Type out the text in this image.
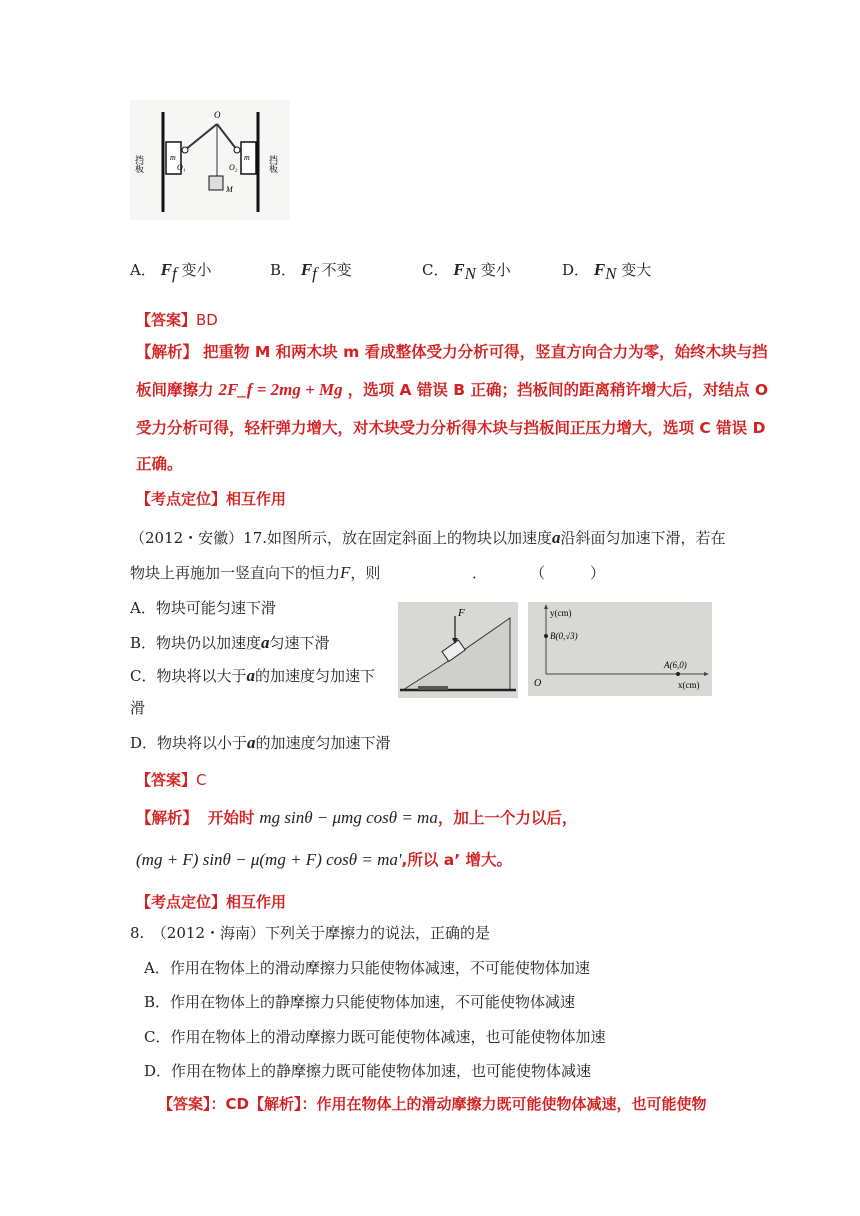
O
m	m
O₁	O₂
M
挡板	挡板
A． $F_f$ 变小	B． $F_f$ 不变	C． $F_N$ 变小	D． $F_N$ 变大
【答案】BD
【解析】 把重物 M 和两木块 m 看成整体受力分析可得，竖直方向合力为零，始终木块与挡
板间摩擦力 2F_f = 2mg + Mg ，选项 A 错误 B 正确；挡板间的距离稍许增大后，对结点 O
受力分析可得，轻杆弹力增大，对木块受力分析得木块与挡板间正压力增大，选项 C 错误 D
正确。
【考点定位】相互作用
（2012・安徽）17.如图所示，放在固定斜面上的物块以加速度a沿斜面匀加速下滑，若在
物块上再施加一竖直向下的恒力F，则	．	（　　　）
A．物块可能匀速下滑
B．物块仍以加速度a匀速下滑
C．物块将以大于a的加速度匀加速下
滑
D．物块将以小于a的加速度匀加速下滑
F	y(cm)
x(cm)
O
B(0,√3)
A(6,0)
【答案】C
【解析】 开始时 mg sinθ − μmg cosθ = ma，加上一个力以后，
(mg + F) sinθ − μ(mg + F) cosθ = ma',所以 a’ 增大。
【考点定位】相互作用
8.　（2012・海南）下列关于摩擦力的说法，正确的是
A．作用在物体上的滑动摩擦力只能使物体减速，不可能使物体加速
B．作用在物体上的静摩擦力只能使物体加速，不可能使物体减速
C．作用在物体上的滑动摩擦力既可能使物体减速，也可能使物体加速
D．作用在物体上的静摩擦力既可能使物体加速，也可能使物体减速
【答案】：CD【解析】：作用在物体上的滑动摩擦力既可能使物体减速，也可能使物
